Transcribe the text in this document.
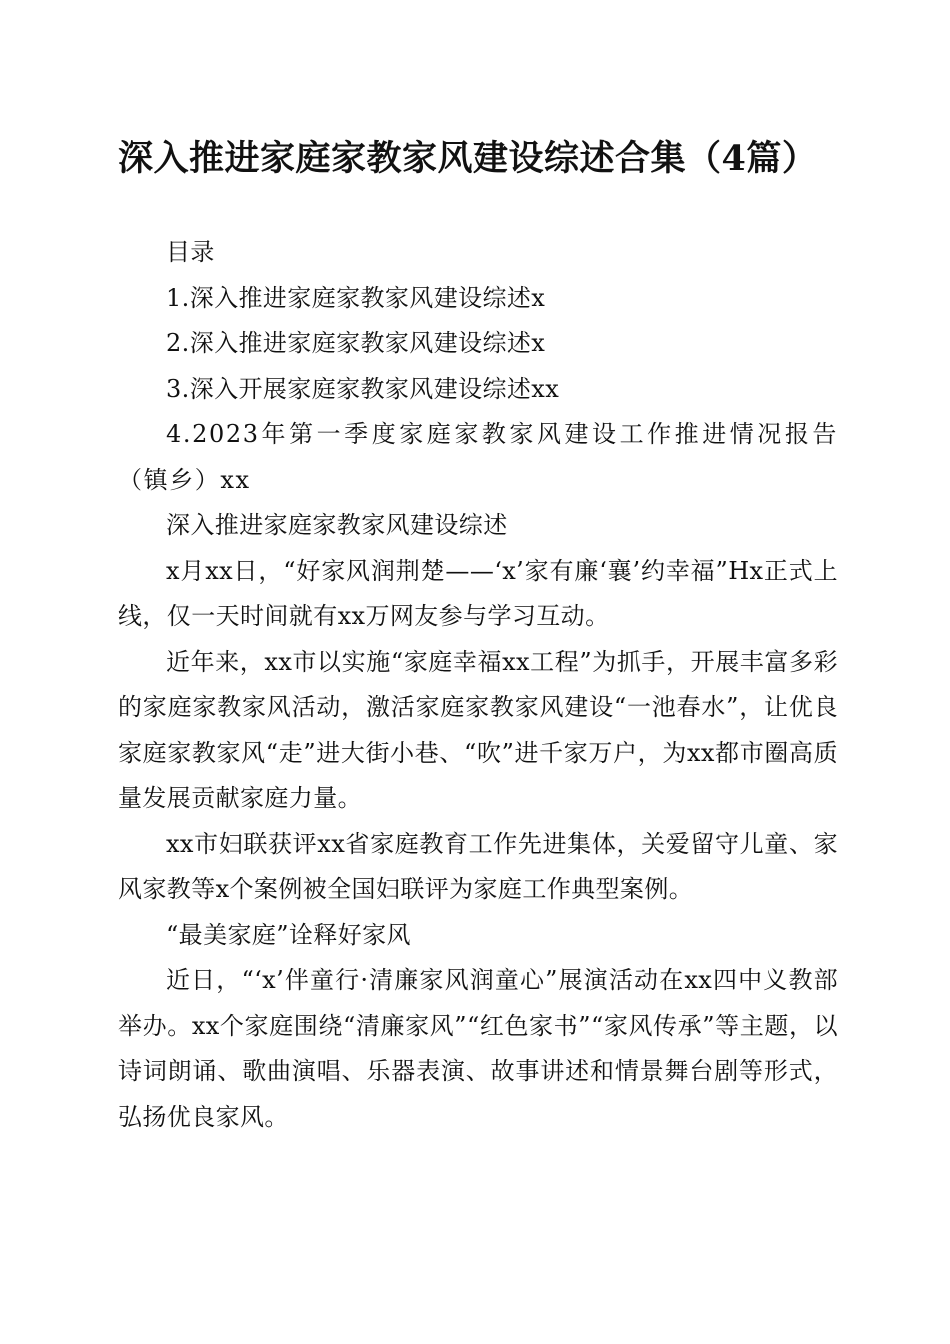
深入推进家庭家教家风建设综述合集（4篇）

目录

1.深入推进家庭家教家风建设综述x

2.深入推进家庭家教家风建设综述x

3.深入开展家庭家教家风建设综述xx

4.2023年第一季度家庭家教家风建设工作推进情况报告（镇乡）xx

深入推进家庭家教家风建设综述

x月xx日，“好家风润荆楚——‘x’家有廉‘襄’约幸福”Hx正式上线，仅一天时间就有xx万网友参与学习互动。

近年来，xx市以实施“家庭幸福xx工程”为抓手，开展丰富多彩的家庭家教家风活动，激活家庭家教家风建设“一池春水”，让优良家庭家教家风“走”进大街小巷、“吹”进千家万户，为xx都市圈高质量发展贡献家庭力量。

xx市妇联获评xx省家庭教育工作先进集体，关爱留守儿童、家风家教等x个案例被全国妇联评为家庭工作典型案例。

“最美家庭”诠释好家风

近日，“‘x’伴童行·清廉家风润童心”展演活动在xx四中义教部举办。xx个家庭围绕“清廉家风”“红色家书”“家风传承”等主题，以诗词朗诵、歌曲演唱、乐器表演、故事讲述和情景舞台剧等形式，弘扬优良家风。
